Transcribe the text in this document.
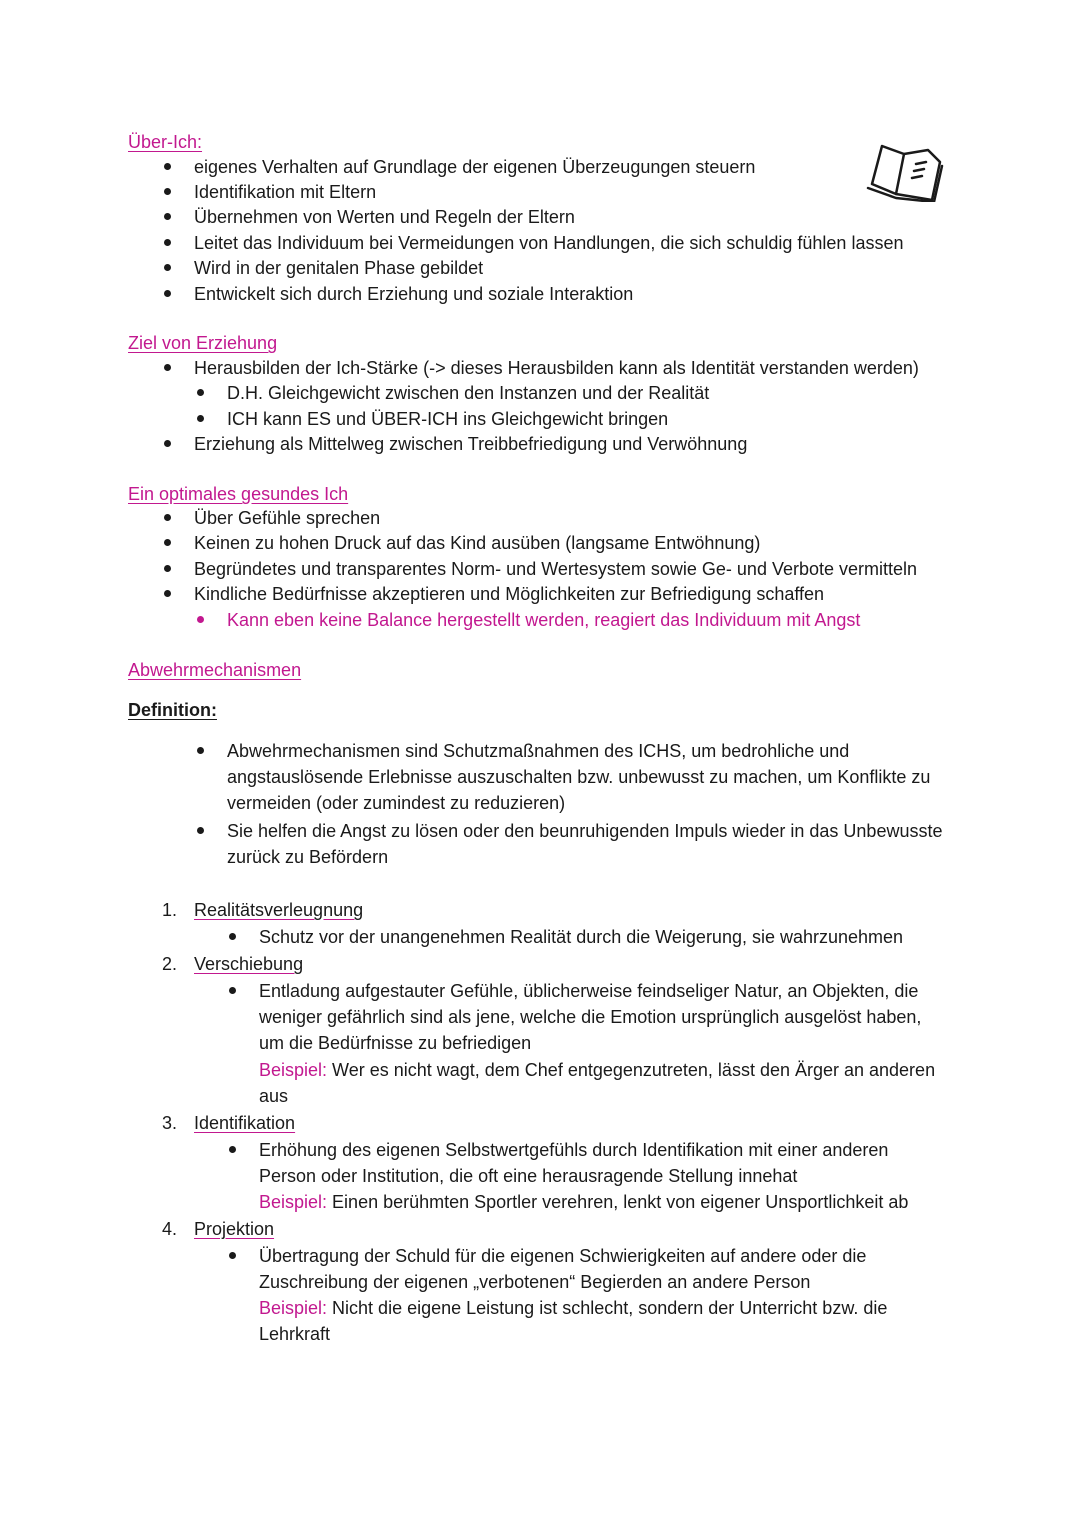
Über-Ich:
eigenes Verhalten auf Grundlage der eigenen Überzeugungen steuern
Identifikation mit Eltern
Übernehmen von Werten und Regeln der Eltern
Leitet das Individuum bei Vermeidungen von Handlungen, die sich schuldig fühlen lassen
Wird in der genitalen Phase gebildet
Entwickelt sich durch Erziehung und soziale Interaktion
Ziel von Erziehung
Herausbilden der Ich-Stärke (-> dieses Herausbilden kann als Identität verstanden werden)
D.H. Gleichgewicht zwischen den Instanzen und der Realität
ICH kann ES und ÜBER-ICH ins Gleichgewicht bringen
Erziehung als Mittelweg zwischen Treibbefriedigung und Verwöhnung
Ein optimales gesundes Ich
Über Gefühle sprechen
Keinen zu hohen Druck auf das Kind ausüben (langsame Entwöhnung)
Begründetes und transparentes Norm- und Wertesystem sowie Ge- und Verbote vermitteln
Kindliche Bedürfnisse akzeptieren und Möglichkeiten zur Befriedigung schaffen
Kann eben keine Balance hergestellt werden, reagiert das Individuum mit Angst
Abwehrmechanismen
Definition:
Abwehrmechanismen sind Schutzmaßnahmen des ICHS, um bedrohliche und
angstauslösende Erlebnisse auszuschalten bzw. unbewusst zu machen, um Konflikte zu
vermeiden (oder zumindest zu reduzieren)
Sie helfen die Angst zu lösen oder den beunruhigenden Impuls wieder in das Unbewusste
zurück zu Befördern
1. Realitätsverleugnung
Schutz vor der unangenehmen Realität durch die Weigerung, sie wahrzunehmen
2. Verschiebung
Entladung aufgestauter Gefühle, üblicherweise feindseliger Natur, an Objekten, die
weniger gefährlich sind als jene, welche die Emotion ursprünglich ausgelöst haben,
um die Bedürfnisse zu befriedigen
Beispiel: Wer es nicht wagt, dem Chef entgegenzutreten, lässt den Ärger an anderen
aus
3. Identifikation
Erhöhung des eigenen Selbstwertgefühls durch Identifikation mit einer anderen
Person oder Institution, die oft eine herausragende Stellung innehat
Beispiel: Einen berühmten Sportler verehren, lenkt von eigener Unsportlichkeit ab
4. Projektion
Übertragung der Schuld für die eigenen Schwierigkeiten auf andere oder die
Zuschreibung der eigenen „verbotenen“ Begierden an andere Person
Beispiel: Nicht die eigene Leistung ist schlecht, sondern der Unterricht bzw. die
Lehrkraft
